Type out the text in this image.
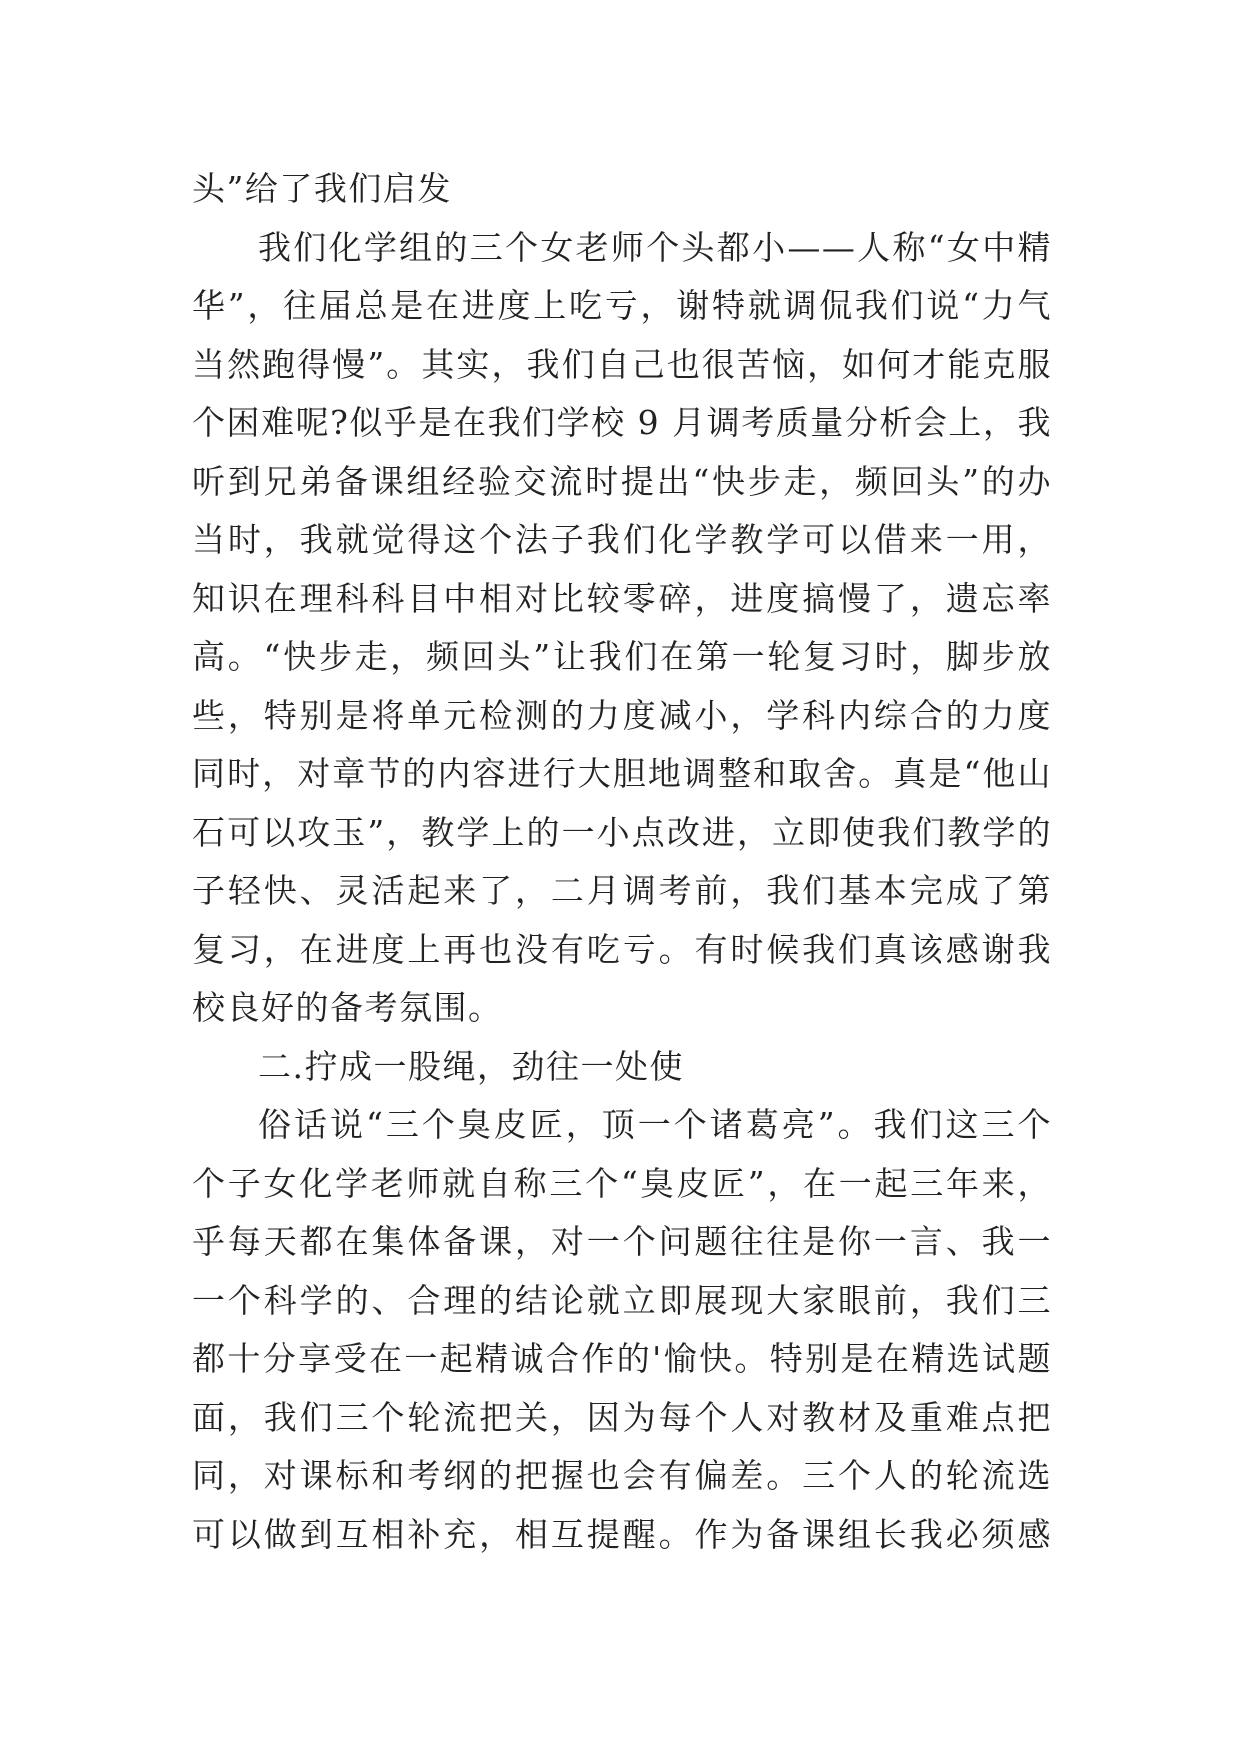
头”给了我们启发
我们化学组的三个女老师个头都小——人称“女中精
华”，往届总是在进度上吃亏，谢特就调侃我们说“力气
当然跑得慢”。其实，我们自己也很苦恼，如何才能克服
个困难呢?似乎是在我们学校 9 月调考质量分析会上，我
听到兄弟备课组经验交流时提出“快步走，频回头”的办
当时，我就觉得这个法子我们化学教学可以借来一用，
知识在理科科目中相对比较零碎，进度搞慢了，遗忘率
高。“快步走，频回头”让我们在第一轮复习时，脚步放
些，特别是将单元检测的力度减小，学科内综合的力度
同时，对章节的内容进行大胆地调整和取舍。真是“他山
石可以攻玉”，教学上的一小点改进，立即使我们教学的
子轻快、灵活起来了，二月调考前，我们基本完成了第
复习，在进度上再也没有吃亏。有时候我们真该感谢我
校良好的备考氛围。
二.拧成一股绳，劲往一处使
俗话说“三个臭皮匠，顶一个诸葛亮”。我们这三个
个子女化学老师就自称三个“臭皮匠”，在一起三年来，
乎每天都在集体备课，对一个问题往往是你一言、我一
一个科学的、合理的结论就立即展现大家眼前，我们三
都十分享受在一起精诚合作的'愉快。特别是在精选试题
面，我们三个轮流把关，因为每个人对教材及重难点把
同，对课标和考纲的把握也会有偏差。三个人的轮流选
可以做到互相补充，相互提醒。作为备课组长我必须感
